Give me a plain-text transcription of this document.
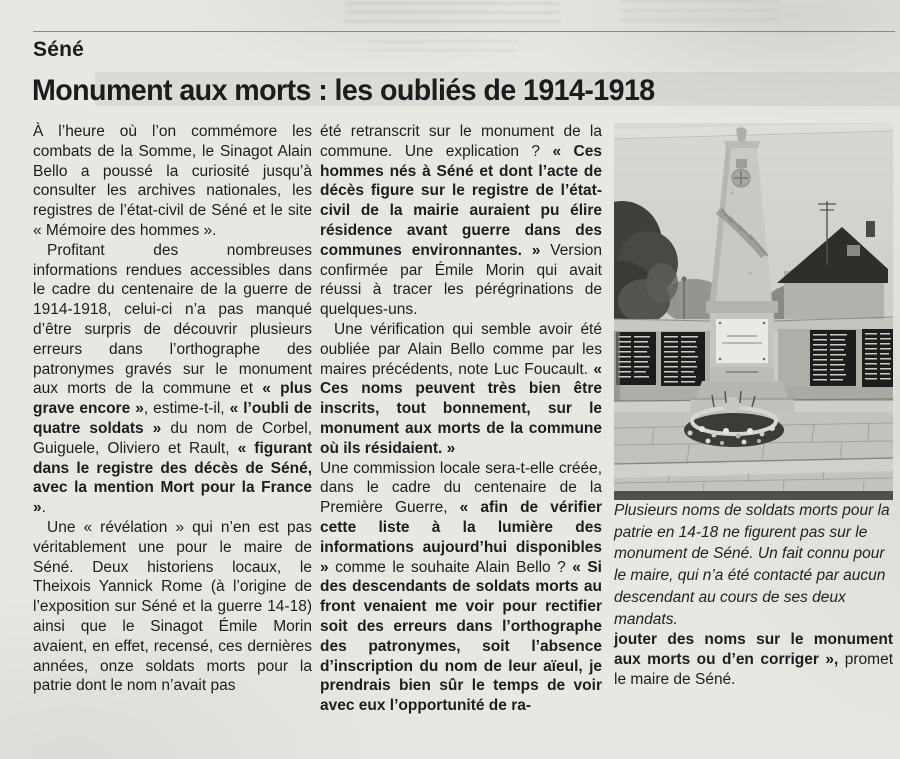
Séné
Monument aux morts : les oubliés de 1914-1918

À l’heure où l’on commémore les combats de la Somme, le Sinagot Alain Bello a poussé la curiosité jusqu’à consulter les archives nationales, les registres de l’état-civil de Séné et le site « Mémoire des hommes ».

Profitant des nombreuses informations rendues accessibles dans le cadre du centenaire de la guerre de 1914-1918, celui-ci n’a pas manqué d’être surpris de découvrir plusieurs erreurs dans l’orthographe des patronymes gravés sur le monument aux morts de la commune et « plus grave encore », estime-t-il, « l’oubli de quatre soldats » du nom de Corbel, Guiguele, Oliviero et Rault, « figurant dans le registre des décès de Séné, avec la mention Mort pour la France ».

Une « révélation » qui n’en est pas véritablement une pour le maire de Séné. Deux historiens locaux, le Theixois Yannick Rome (à l’origine de l’exposition sur Séné et la guerre 14-18) ainsi que le Sinagot Émile Morin avaient, en effet, recensé, ces dernières années, onze soldats morts pour la patrie dont le nom n’avait pas

été retranscrit sur le monument de la commune. Une explication ? « Ces hommes nés à Séné et dont l’acte de décès figure sur le registre de l’état-civil de la mairie auraient pu élire résidence avant guerre dans des communes environnantes. » Version confirmée par Émile Morin qui avait réussi à tracer les pérégrinations de quelques-uns.

Une vérification qui semble avoir été oubliée par Alain Bello comme par les maires précédents, note Luc Foucault. « Ces noms peuvent très bien être inscrits, tout bonnement, sur le monument aux morts de la commune où ils résidaient. »

Une commission locale sera-t-elle créée, dans le cadre du centenaire de la Première Guerre, « afin de vérifier cette liste à la lumière des informations aujourd’hui disponibles » comme le souhaite Alain Bello ? « Si des descendants de soldats morts au front venaient me voir pour rectifier soit des erreurs dans l’orthographe des patronymes, soit l’absence d’inscription du nom de leur aïeul, je prendrais bien sûr le temps de voir avec eux l’opportunité de ra-

Plusieurs noms de soldats morts pour la patrie en 14-18 ne figurent pas sur le monument de Séné. Un fait connu pour le maire, qui n’a été contacté par aucun descendant au cours de ses deux mandats.

jouter des noms sur le monument aux morts ou d’en corriger », promet le maire de Séné.
